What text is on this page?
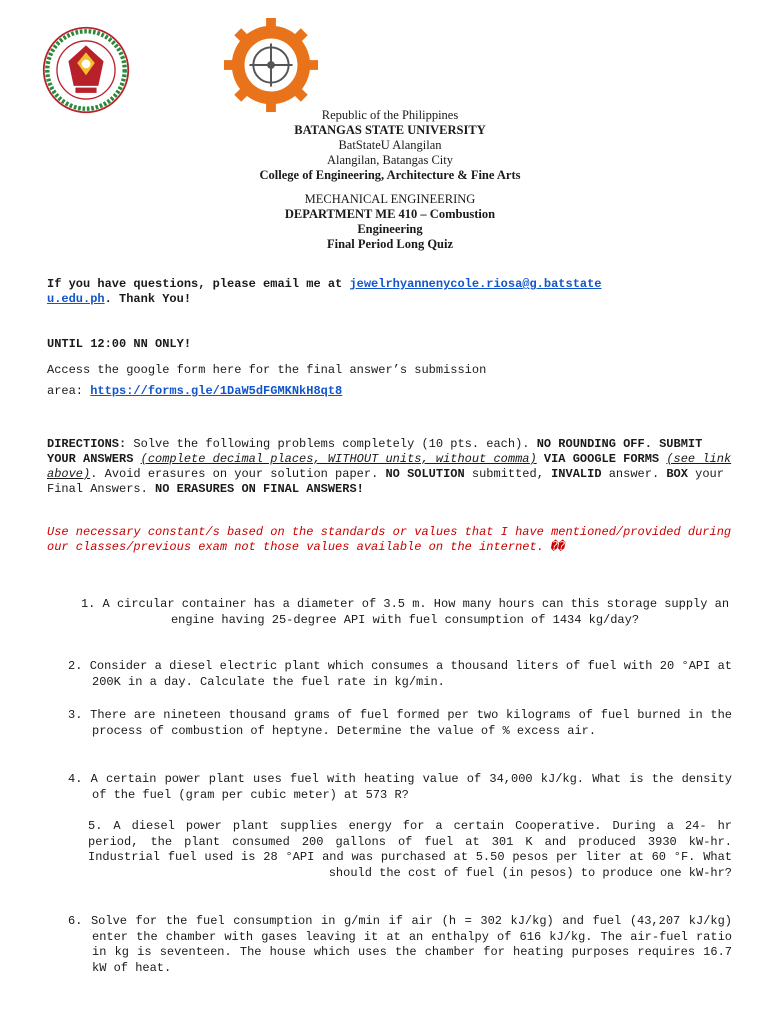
Republic of the Philippines
BATANGAS STATE UNIVERSITY
BatStateU Alangilan
Alangilan, Batangas City
College of Engineering, Architecture & Fine Arts
MECHANICAL ENGINEERING
DEPARTMENT ME 410 – Combustion
Engineering
Final Period Long Quiz
If you have questions, please email me at jewelrhyannenycole.riosa@g.batstate
u.edu.ph. Thank You!
UNTIL 12:00 NN ONLY!
Access the google form here for the final answer’s submission
area: https://forms.gle/1DaW5dFGMKNkH8qt8
DIRECTIONS: Solve the following problems completely (10 pts. each). NO ROUNDING OFF. SUBMIT YOUR ANSWERS (complete decimal places, WITHOUT units, without comma) VIA GOOGLE FORMS (see link above). Avoid erasures on your solution paper. NO SOLUTION submitted, INVALID answer. BOX your Final Answers. NO ERASURES ON FINAL ANSWERS!
Use necessary constant/s based on the standards or values that I have mentioned/provided during our classes/previous exam not those values available on the internet. ��
1. A circular container has a diameter of 3.5 m. How many hours can this storage supply an engine having 25-degree API with fuel consumption of 1434 kg/day?
2. Consider a diesel electric plant which consumes a thousand liters of fuel with 20 °API at 200K in a day. Calculate the fuel rate in kg/min.
3. There are nineteen thousand grams of fuel formed per two kilograms of fuel burned in the process of combustion of heptyne. Determine the value of % excess air.
4. A certain power plant uses fuel with heating value of 34,000 kJ/kg. What is the density of the fuel (gram per cubic meter) at 573 R?
5. A diesel power plant supplies energy for a certain Cooperative. During a 24- hr period, the plant consumed 200 gallons of fuel at 301 K and produced 3930 kW-hr. Industrial fuel used is 28 °API and was purchased at 5.50 pesos per liter at 60 °F. What should the cost of fuel (in pesos) to produce one kW-hr?
6. Solve for the fuel consumption in g/min if air (h = 302 kJ/kg) and fuel (43,207 kJ/kg) enter the chamber with gases leaving it at an enthalpy of 616 kJ/kg. The air-fuel ratio in kg is seventeen. The house which uses the chamber for heating purposes requires 16.7 kW of heat.
